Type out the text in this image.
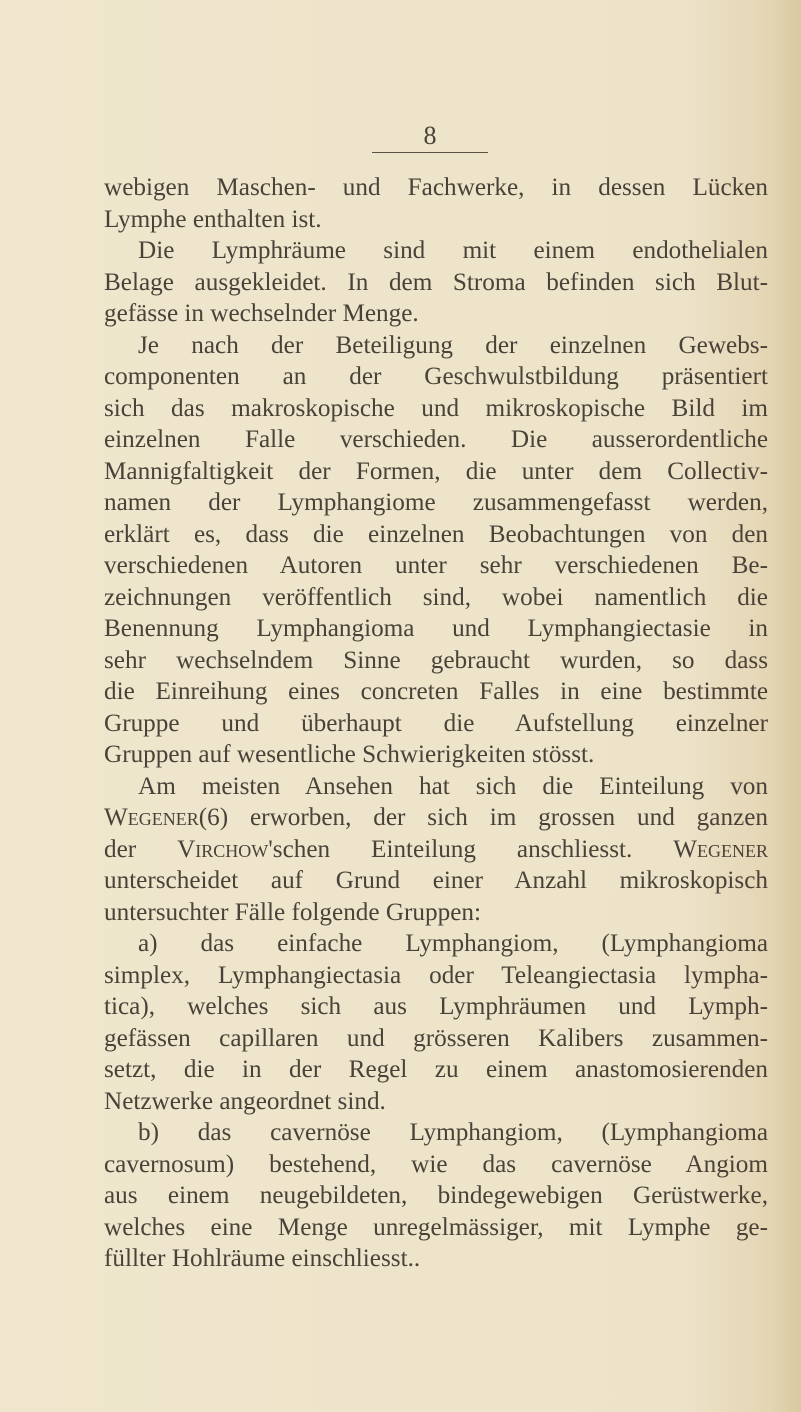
8
webigen Maschen- und Fachwerke, in dessen Lücken
Lymphe enthalten ist.
Die Lymphräume sind mit einem endothelialen
Belage ausgekleidet. In dem Stroma befinden sich Blut-
gefässe in wechselnder Menge.
Je nach der Beteiligung der einzelnen Gewebs-
componenten an der Geschwulstbildung präsentiert
sich das makroskopische und mikroskopische Bild im
einzelnen Falle verschieden. Die ausserordentliche
Mannigfaltigkeit der Formen, die unter dem Collectiv-
namen der Lymphangiome zusammengefasst werden,
erklärt es, dass die einzelnen Beobachtungen von den
verschiedenen Autoren unter sehr verschiedenen Be-
zeichnungen veröffentlich sind, wobei namentlich die
Benennung Lymphangioma und Lymphangiectasie in
sehr wechselndem Sinne gebraucht wurden, so dass
die Einreihung eines concreten Falles in eine bestimmte
Gruppe und überhaupt die Aufstellung einzelner
Gruppen auf wesentliche Schwierigkeiten stösst.
Am meisten Ansehen hat sich die Einteilung von
Wegener(6) erworben, der sich im grossen und ganzen
der Virchow'schen Einteilung anschliesst. Wegener
unterscheidet auf Grund einer Anzahl mikroskopisch
untersuchter Fälle folgende Gruppen:
a) das einfache Lymphangiom, (Lymphangioma
simplex, Lymphangiectasia oder Teleangiectasia lympha-
tica), welches sich aus Lymphräumen und Lymph-
gefässen capillaren und grösseren Kalibers zusammen-
setzt, die in der Regel zu einem anastomosierenden
Netzwerke angeordnet sind.
b) das cavernöse Lymphangiom, (Lymphangioma
cavernosum) bestehend, wie das cavernöse Angiom
aus einem neugebildeten, bindegewebigen Gerüstwerke,
welches eine Menge unregelmässiger, mit Lymphe ge-
füllter Hohlräume einschliesst..
